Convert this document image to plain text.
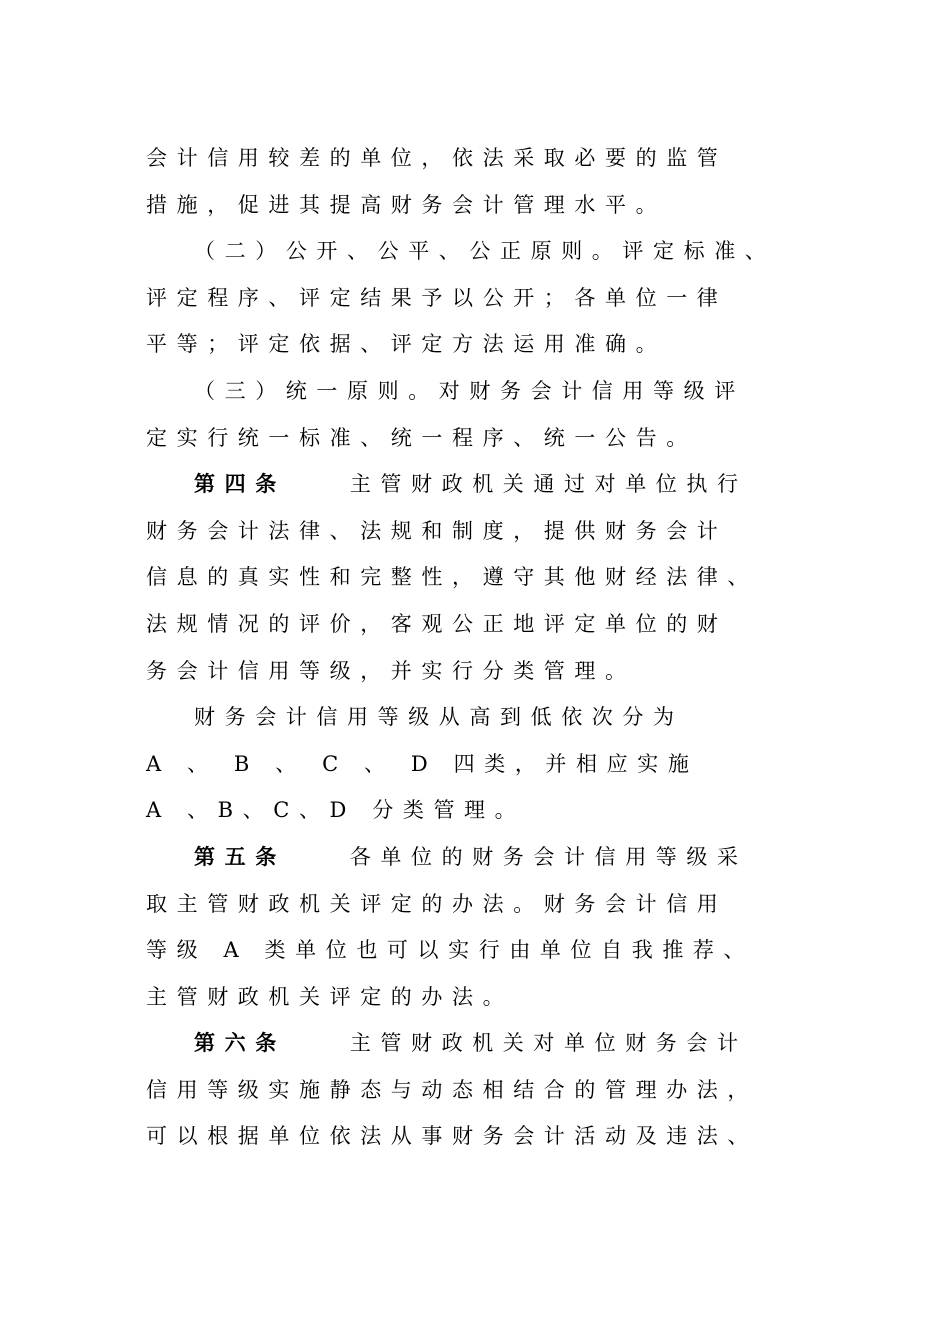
会计信用较差的单位，依法采取必要的监管
措施，促进其提高财务会计管理水平。
（二）公开、公平、公正原则。评定标准、
评定程序、评定结果予以公开；各单位一律
平等；评定依据、评定方法运用准确。
（三）统一原则。对财务会计信用等级评
定实行统一标准、统一程序、统一公告。
第四条	主管财政机关通过对单位执行
财务会计法律、法规和制度，提供财务会计
信息的真实性和完整性，遵守其他财经法律、
法规情况的评价，客观公正地评定单位的财
务会计信用等级，并实行分类管理。
财务会计信用等级从高到低依次分为
A 、 B 、 C 、 D 四类，并相应实施
A 、B、C、D 分类管理。
第五条	各单位的财务会计信用等级采
取主管财政机关评定的办法。财务会计信用
等级 A 类单位也可以实行由单位自我推荐、
主管财政机关评定的办法。
第六条	主管财政机关对单位财务会计
信用等级实施静态与动态相结合的管理办法，
可以根据单位依法从事财务会计活动及违法、
